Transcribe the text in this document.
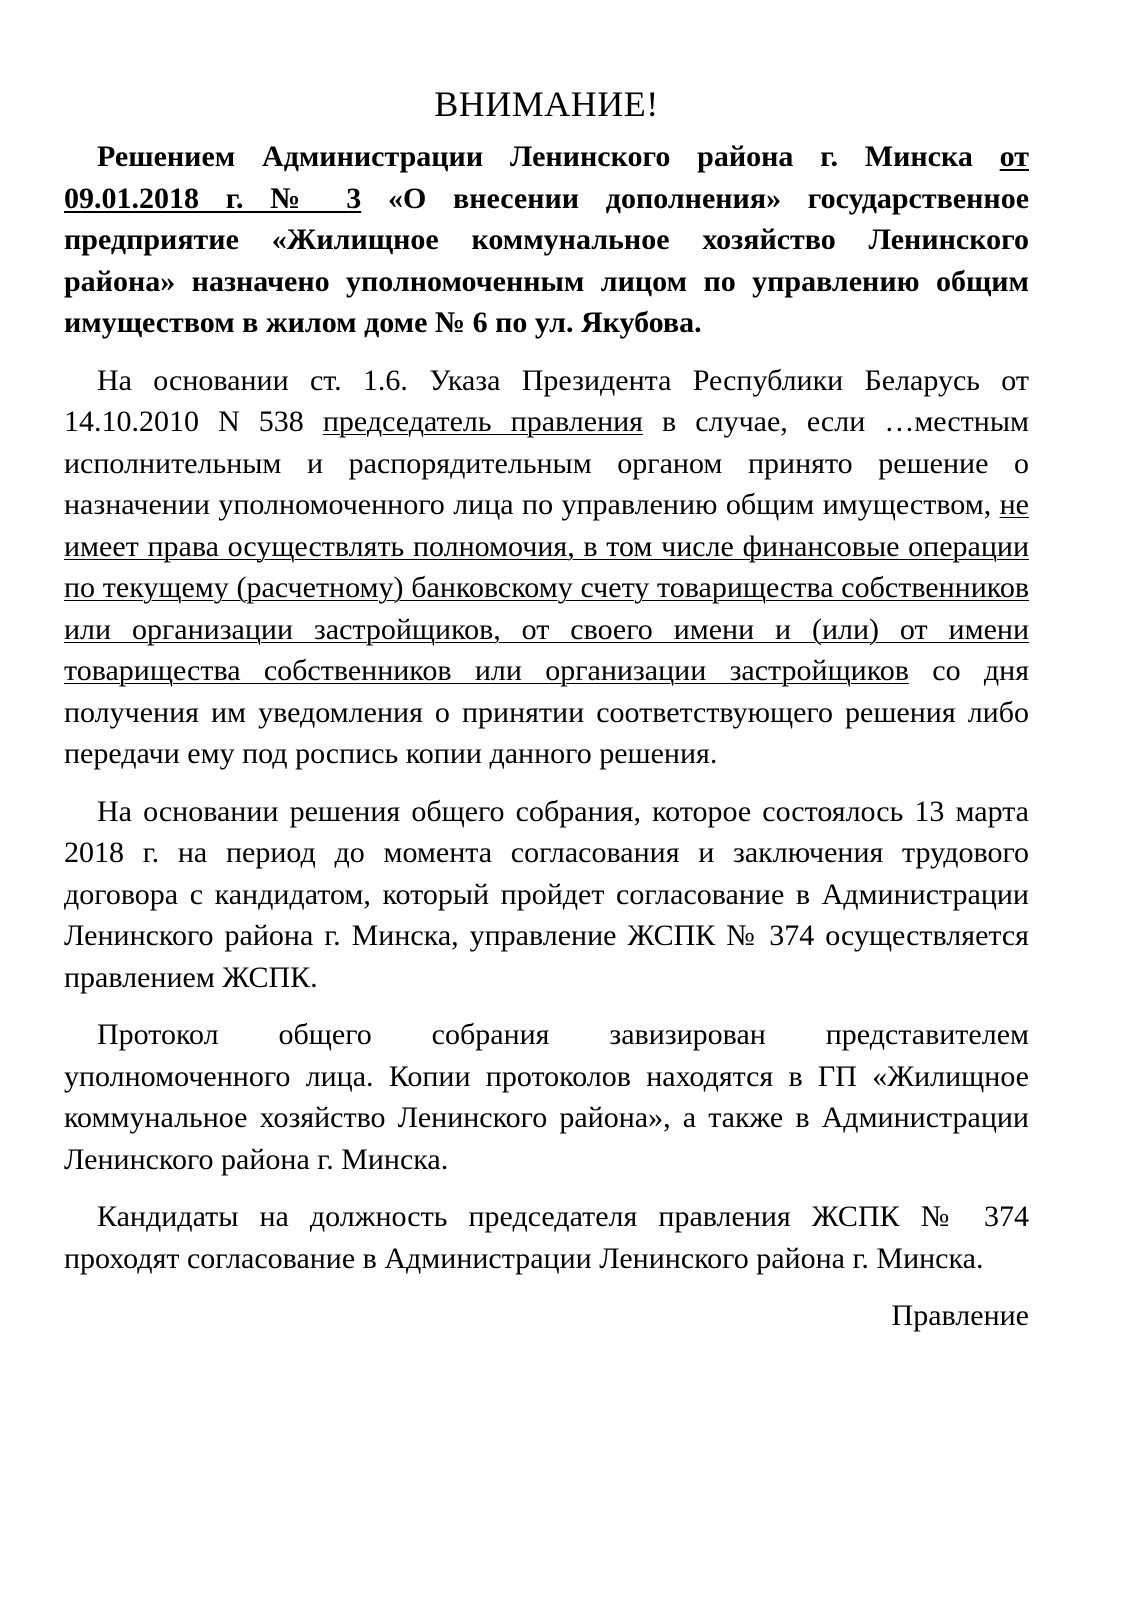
ВНИМАНИЕ!

Решением Администрации Ленинского района г. Минска от 09.01.2018 г. № 3 «О внесении дополнения» государственное предприятие «Жилищное коммунальное хозяйство Ленинского района» назначено уполномоченным лицом по управлению общим имуществом в жилом доме № 6 по ул. Якубова.

На основании ст. 1.6. Указа Президента Республики Беларусь от 14.10.2010 N 538 председатель правления в случае, если …местным исполнительным и распорядительным органом принято решение о назначении уполномоченного лица по управлению общим имуществом, не имеет права осуществлять полномочия, в том числе финансовые операции по текущему (расчетному) банковскому счету товарищества собственников или организации застройщиков, от своего имени и (или) от имени товарищества собственников или организации застройщиков со дня получения им уведомления о принятии соответствующего решения либо передачи ему под роспись копии данного решения.

На основании решения общего собрания, которое состоялось 13 марта 2018 г. на период до момента согласования и заключения трудового договора с кандидатом, который пройдет согласование в Администрации Ленинского района г. Минска, управление ЖСПК № 374 осуществляется правлением ЖСПК.

Протокол общего собрания завизирован представителем уполномоченного лица. Копии протоколов находятся в ГП «Жилищное коммунальное хозяйство Ленинского района», а также в Администрации Ленинского района г. Минска.

Кандидаты на должность председателя правления ЖСПК № 374 проходят согласование в Администрации Ленинского района г. Минска.

Правление
